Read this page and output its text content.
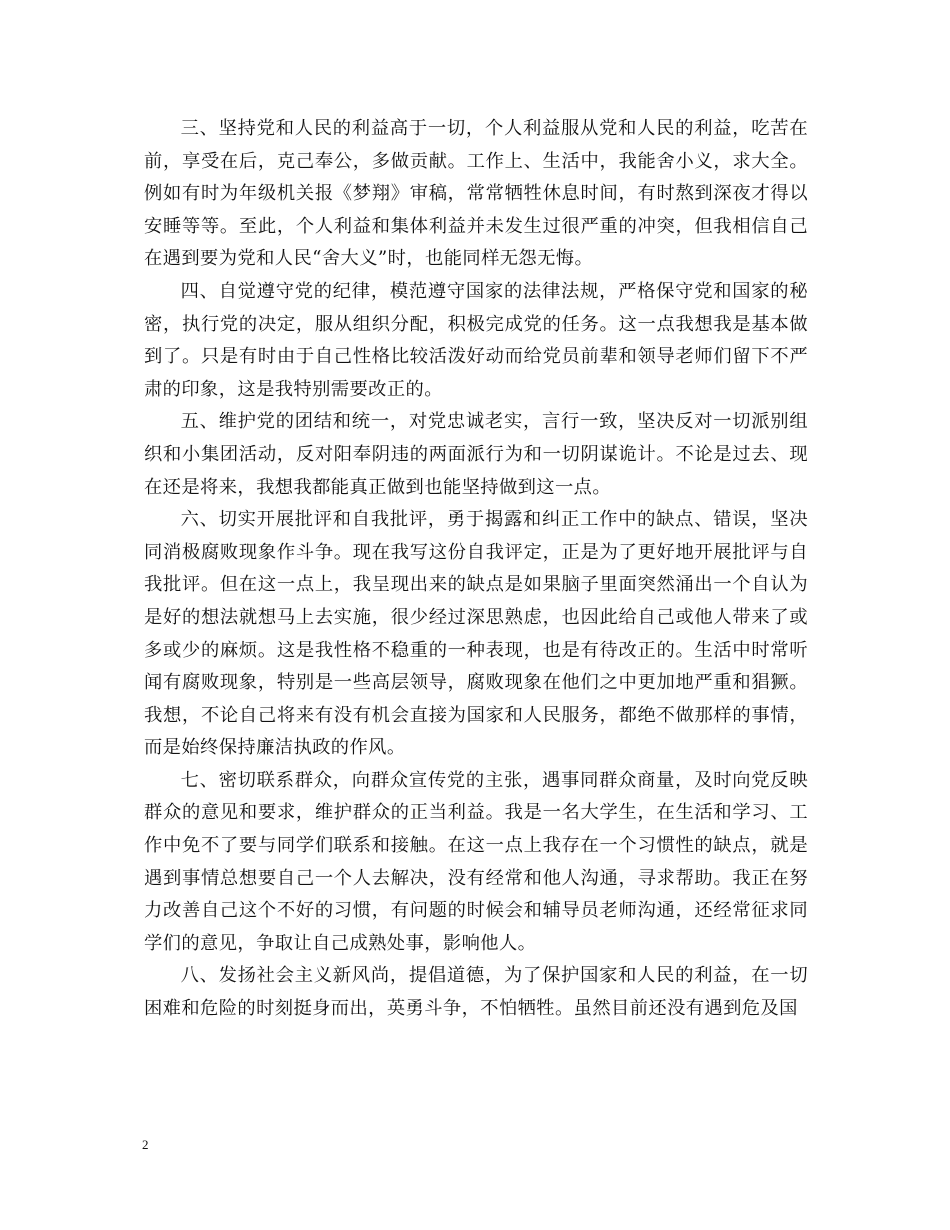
三、坚持党和人民的利益高于一切，个人利益服从党和人民的利益，吃苦在前，享受在后，克己奉公，多做贡献。工作上、生活中，我能舍小义，求大全。例如有时为年级机关报《梦翔》审稿，常常牺牲休息时间，有时熬到深夜才得以安睡等等。至此，个人利益和集体利益并未发生过很严重的冲突，但我相信自己在遇到要为党和人民“舍大义”时，也能同样无怨无悔。

四、自觉遵守党的纪律，模范遵守国家的法律法规，严格保守党和国家的秘密，执行党的决定，服从组织分配，积极完成党的任务。这一点我想我是基本做到了。只是有时由于自己性格比较活泼好动而给党员前辈和领导老师们留下不严肃的印象，这是我特别需要改正的。

五、维护党的团结和统一，对党忠诚老实，言行一致，坚决反对一切派别组织和小集团活动，反对阳奉阴违的两面派行为和一切阴谋诡计。不论是过去、现在还是将来，我想我都能真正做到也能坚持做到这一点。

六、切实开展批评和自我批评，勇于揭露和纠正工作中的缺点、错误，坚决同消极腐败现象作斗争。现在我写这份自我评定，正是为了更好地开展批评与自我批评。但在这一点上，我呈现出来的缺点是如果脑子里面突然涌出一个自认为是好的想法就想马上去实施，很少经过深思熟虑，也因此给自己或他人带来了或多或少的麻烦。这是我性格不稳重的一种表现，也是有待改正的。生活中时常听闻有腐败现象，特别是一些高层领导，腐败现象在他们之中更加地严重和猖獗。我想，不论自己将来有没有机会直接为国家和人民服务，都绝不做那样的事情，而是始终保持廉洁执政的作风。

七、密切联系群众，向群众宣传党的主张，遇事同群众商量，及时向党反映群众的意见和要求，维护群众的正当利益。我是一名大学生，在生活和学习、工作中免不了要与同学们联系和接触。在这一点上我存在一个习惯性的缺点，就是遇到事情总想要自己一个人去解决，没有经常和他人沟通，寻求帮助。我正在努力改善自己这个不好的习惯，有问题的时候会和辅导员老师沟通，还经常征求同学们的意见，争取让自己成熟处事，影响他人。

八、发扬社会主义新风尚，提倡道德，为了保护国家和人民的利益，在一切困难和危险的时刻挺身而出，英勇斗争，不怕牺牲。虽然目前还没有遇到危及国

2
